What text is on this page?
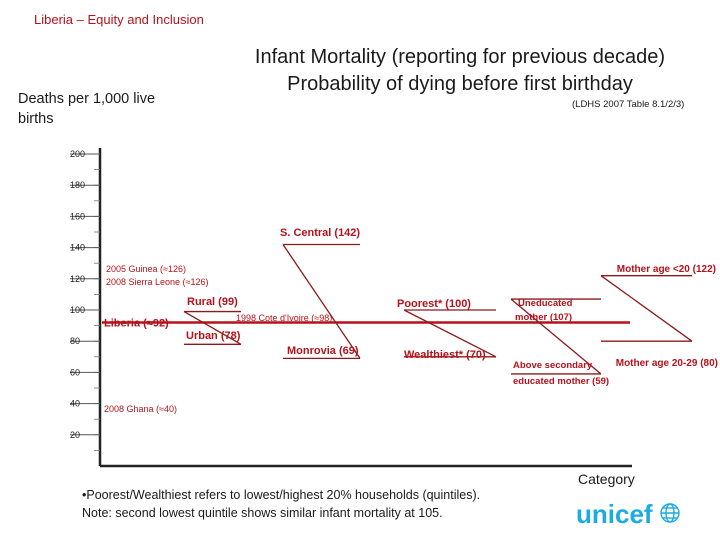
Liberia – Equity and Inclusion
Infant Mortality (reporting for previous decade)
Probability of dying before first birthday
(LDHS 2007 Table 8.1/2/3)
Deaths per 1,000 live births
200
180
160
140
120
100
80
60
40
20
Liberia (≈92)
2005 Guinea (≈126)
2008 Sierra Leone (≈126)
1998 Cote d'Ivoire (≈98)
2008 Ghana (≈40)
S. Central (142)
Monrovia (69)
Rural (99)
Urban (78)
Poorest* (100)
Wealthiest* (70)
Uneducated
mother (107)
Above secondary
educated mother (59)
Mother age <20 (122)
Mother age 20-29 (80)
•Poorest/Wealthiest refers to lowest/highest 20% households (quintiles).
Note: second lowest quintile shows similar infant mortality at 105.
Category
unicef
